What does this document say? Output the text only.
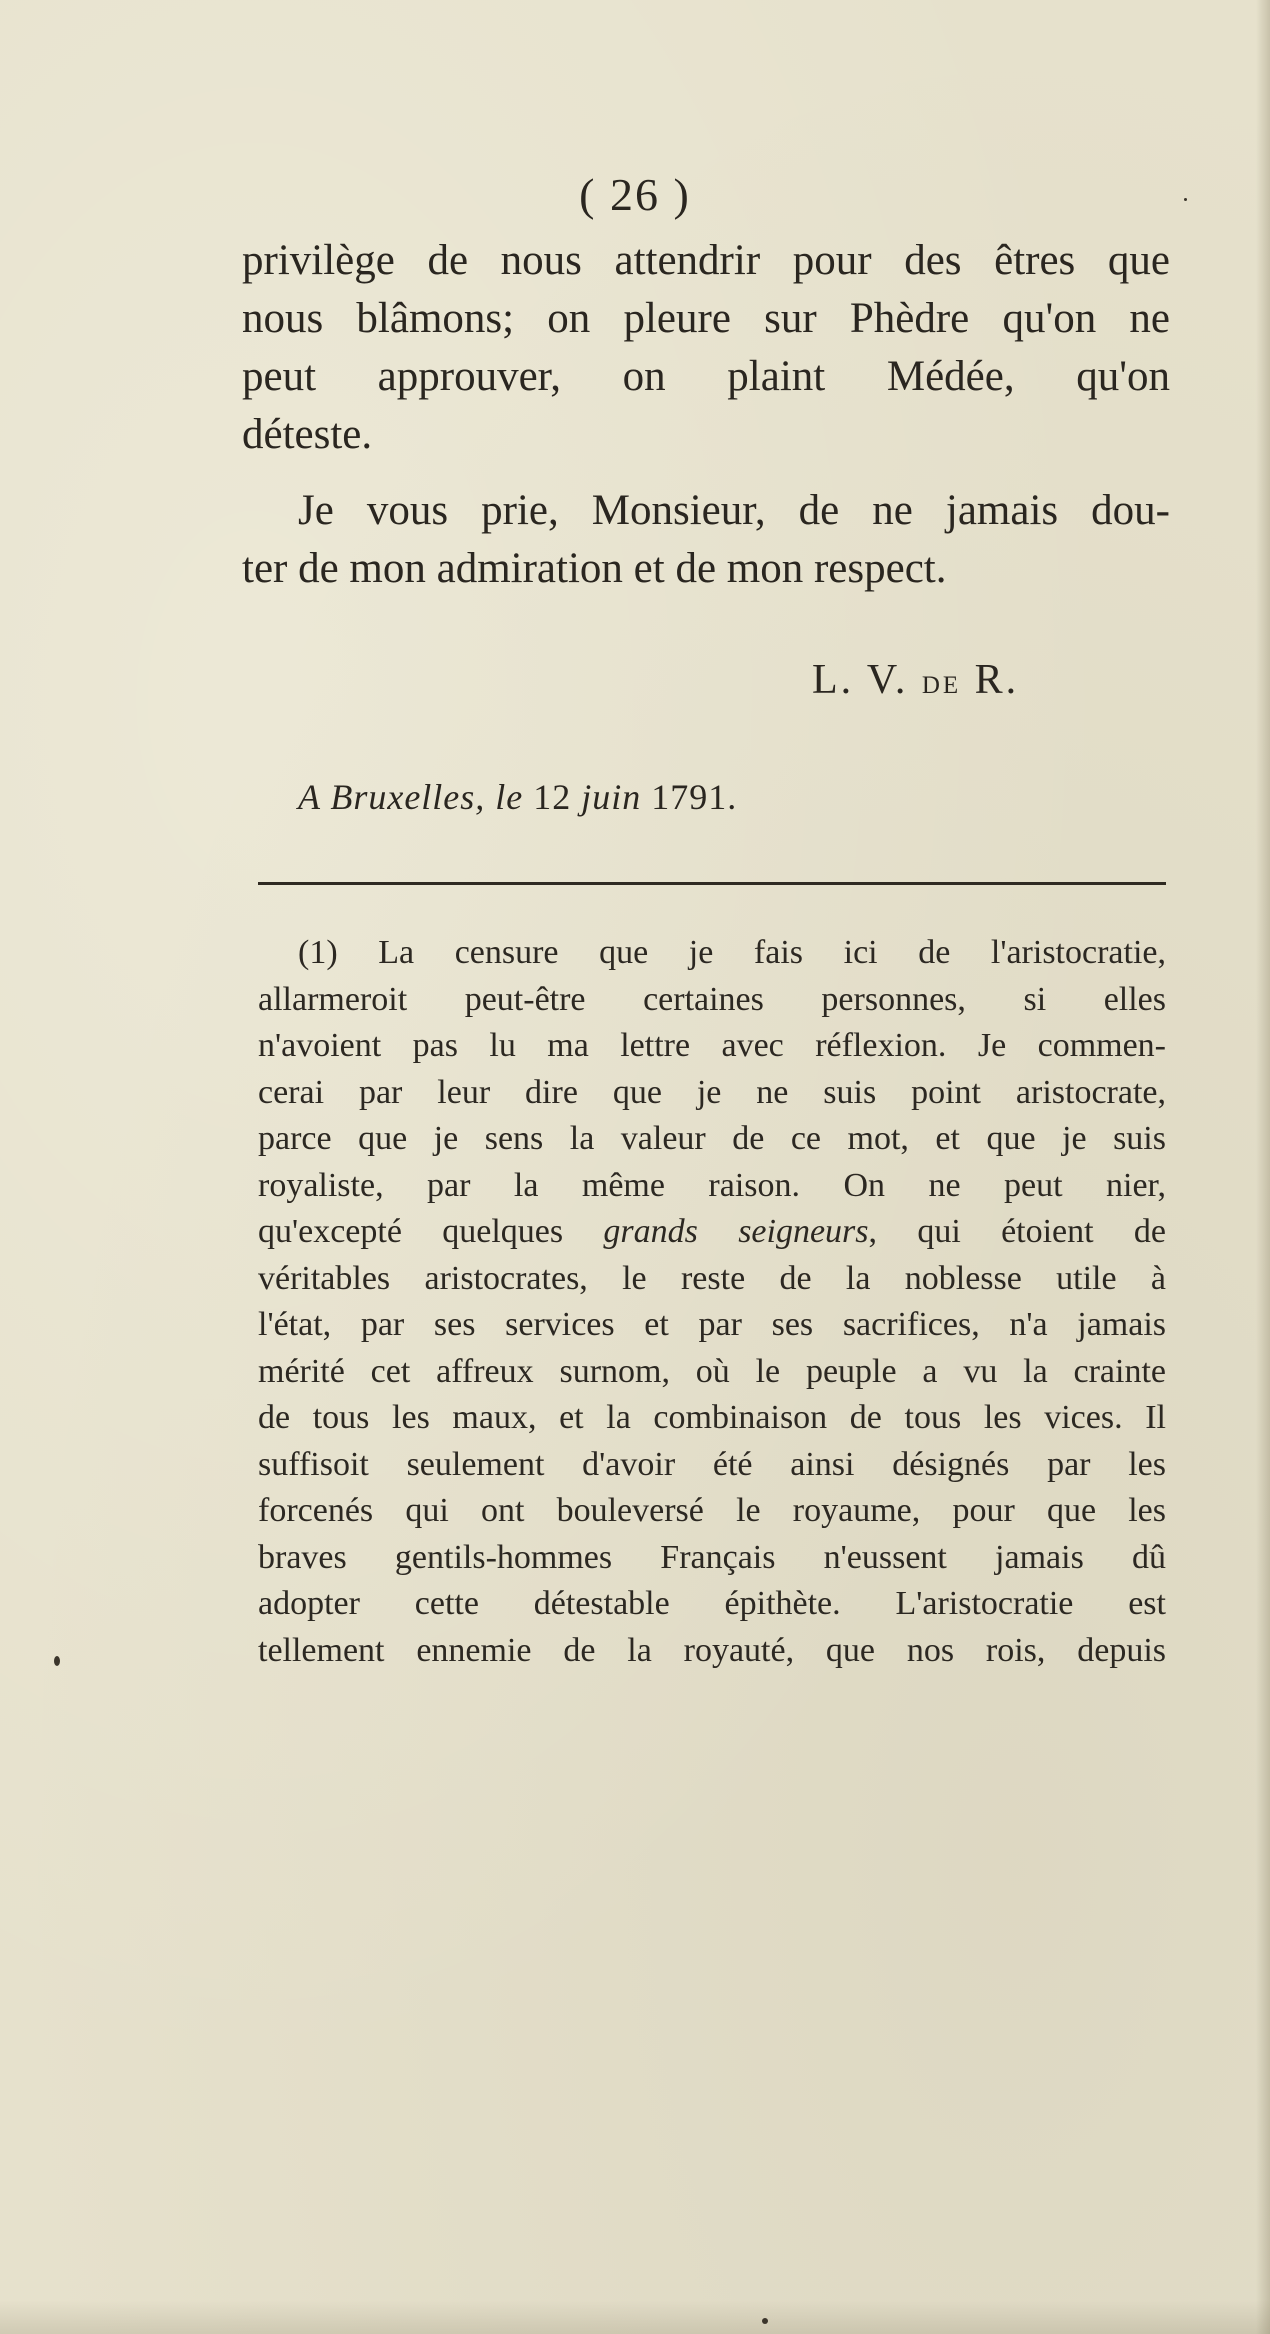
( 26 )
privilège de nous attendrir pour des êtres que
nous blâmons; on pleure sur Phèdre qu'on ne
peut approuver, on plaint Médée, qu'on
déteste.
Je vous prie, Monsieur, de ne jamais dou-
ter de mon admiration et de mon respect.
L. V. de R.
A Bruxelles, le 12 juin 1791.
(1) La censure que je fais ici de l'aristocratie,
allarmeroit peut-être certaines personnes, si elles
n'avoient pas lu ma lettre avec réflexion. Je commen-
cerai par leur dire que je ne suis point aristocrate,
parce que je sens la valeur de ce mot, et que je suis
royaliste, par la même raison. On ne peut nier,
qu'excepté quelques grands seigneurs, qui étoient de
véritables aristocrates, le reste de la noblesse utile à
l'état, par ses services et par ses sacrifices, n'a jamais
mérité cet affreux surnom, où le peuple a vu la crainte
de tous les maux, et la combinaison de tous les vices. Il
suffisoit seulement d'avoir été ainsi désignés par les
forcenés qui ont bouleversé le royaume, pour que les
braves gentils-hommes Français n'eussent jamais dû
adopter cette détestable épithète. L'aristocratie est
tellement ennemie de la royauté, que nos rois, depuis
